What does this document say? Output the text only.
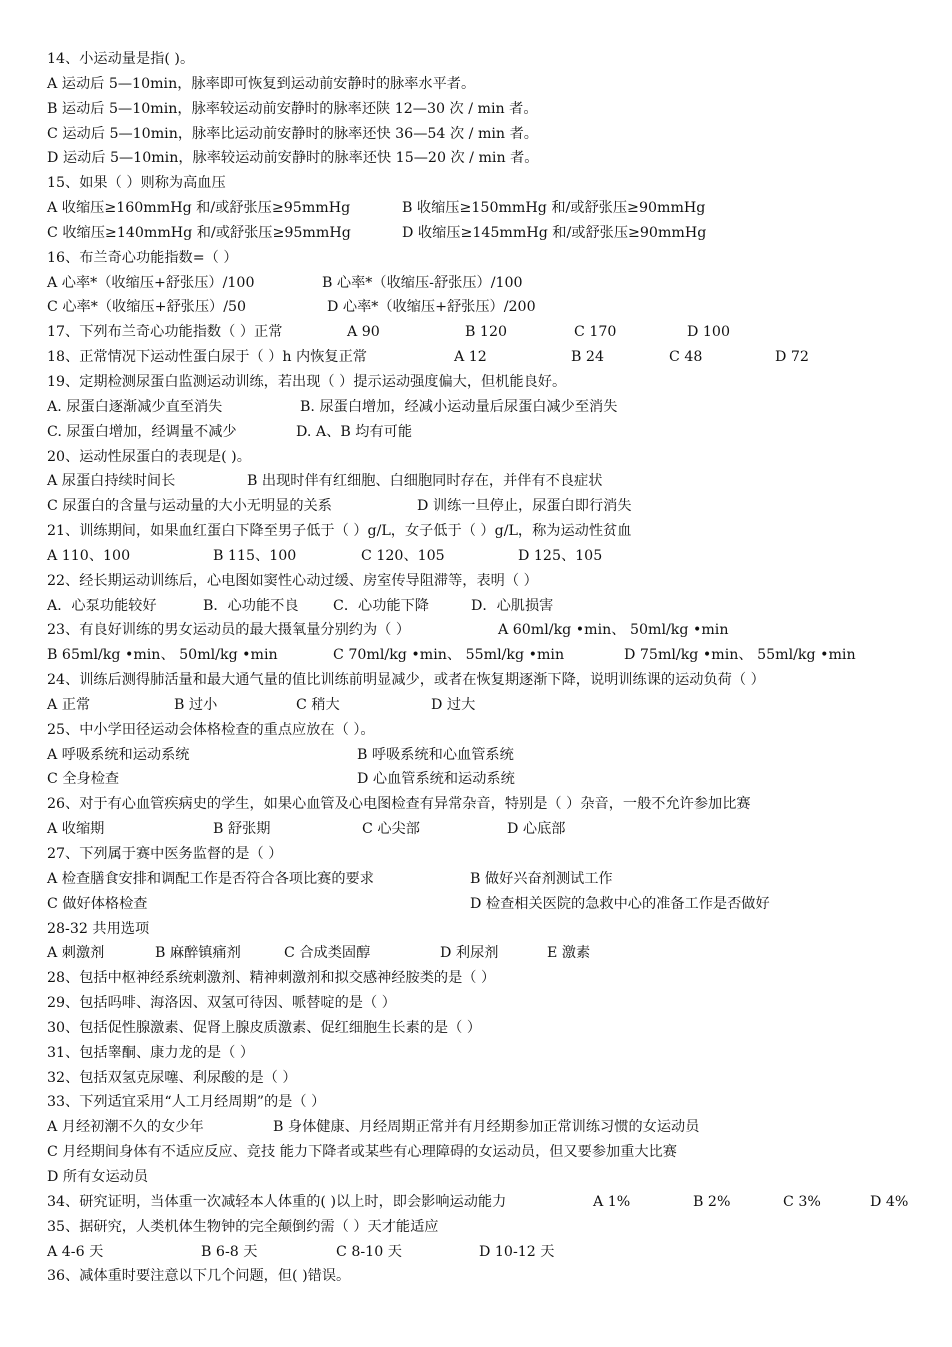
14、小运动量是指( )。
A 运动后 5—10min，脉率即可恢复到运动前安静时的脉率水平者。
B 运动后 5—10min，脉率较运动前安静时的脉率还陕 12—30 次 / min 者。
C 运动后 5—10min，脉率比运动前安静时的脉率还快 36—54 次 / min 者。
D 运动后 5—10min，脉率较运动前安静时的脉率还快 15—20 次 / min 者。
15、如果（ ）则称为高血压
A 收缩压≥160mmHg 和/或舒张压≥95mmHg	B 收缩压≥150mmHg 和/或舒张压≥90mmHg
C 收缩压≥140mmHg 和/或舒张压≥95mmHg	D 收缩压≥145mmHg 和/或舒张压≥90mmHg
16、布兰奇心功能指数=（ ）
A 心率*（收缩压+舒张压）/100	B 心率*（收缩压-舒张压）/100
C 心率*（收缩压+舒张压）/50	D 心率*（收缩压+舒张压）/200
17、下列布兰奇心功能指数（ ）正常	A 90	B 120	C 170	D 100
18、正常情况下运动性蛋白尿于（ ）h 内恢复正常	A 12	B 24	C 48	D 72
19、定期检测尿蛋白监测运动训练，若出现（ ）提示运动强度偏大，但机能良好。
A. 尿蛋白逐渐减少直至消失	B. 尿蛋白增加，经减小运动量后尿蛋白减少至消失
C. 尿蛋白增加，经调量不减少	D. A、B 均有可能
20、运动性尿蛋白的表现是( )。
A 尿蛋白持续时间长	B 出现时伴有红细胞、白细胞同时存在，并伴有不良症状
C 尿蛋白的含量与运动量的大小无明显的关系	D 训练一旦停止，尿蛋白即行消失
21、训练期间，如果血红蛋白下降至男子低于（ ）g/L，女子低于（ ）g/L，称为运动性贫血
A 110、100	B 115、100	C 120、105	D 125、105
22、经长期运动训练后，心电图如窦性心动过缓、房室传导阻滞等，表明（ ）
A．心泵功能较好	B．心功能不良 C．心功能下降	D．心肌损害
23、有良好训练的男女运动员的最大摄氧量分别约为（ ）	A 60ml/kg •min、 50ml/kg •min
B 65ml/kg •min、 50ml/kg •min	C 70ml/kg •min、 55ml/kg •min	D 75ml/kg •min、 55ml/kg •min
24、训练后测得肺活量和最大通气量的值比训练前明显减少，或者在恢复期逐渐下降，说明训练课的运动负荷（ ）
A 正常	B 过小	C 稍大	D 过大
25、中小学田径运动会体格检查的重点应放在（ ）。
A 呼吸系统和运动系统	B 呼吸系统和心血管系统
C 全身检查	D 心血管系统和运动系统
26、对于有心血管疾病史的学生，如果心血管及心电图检查有异常杂音，特别是（ ）杂音，一般不允许参加比赛
A 收缩期	B 舒张期	C 心尖部	D 心底部
27、下列属于赛中医务监督的是（ ）
A 检查膳食安排和调配工作是否符合各项比赛的要求	B 做好兴奋剂测试工作
C 做好体格检查	D 检查相关医院的急救中心的准备工作是否做好
28-32 共用选项
A 刺激剂	B 麻醉镇痛剂	C 合成类固醇	D 利尿剂	E 激素
28、包括中枢神经系统刺激剂、精神刺激剂和拟交感神经胺类的是（ ）
29、包括吗啡、海洛因、双氢可待因、哌替啶的是（ ）
30、包括促性腺激素、促肾上腺皮质激素、促红细胞生长素的是（ ）
31、包括睾酮、康力龙的是（ ）
32、包括双氢克尿噻、利尿酸的是（ ）
33、下列适宜采用“人工月经周期”的是（ ）
A 月经初潮不久的女少年	B 身体健康、月经周期正常并有月经期参加正常训练习惯的女运动员
C 月经期间身体有不适应反应、竞技 能力下降者或某些有心理障碍的女运动员，但又要参加重大比赛
D 所有女运动员
34、研究证明，当体重一次减轻本人体重的( )以上时，即会影响运动能力	A 1%	B 2%	C 3%	D 4%
35、据研究，人类机体生物钟的完全颠倒约需（ ）天才能适应
A 4-6 天	B 6-8 天	C 8-10 天	D 10-12 天
36、减体重时要注意以下几个问题，但( )错误。
